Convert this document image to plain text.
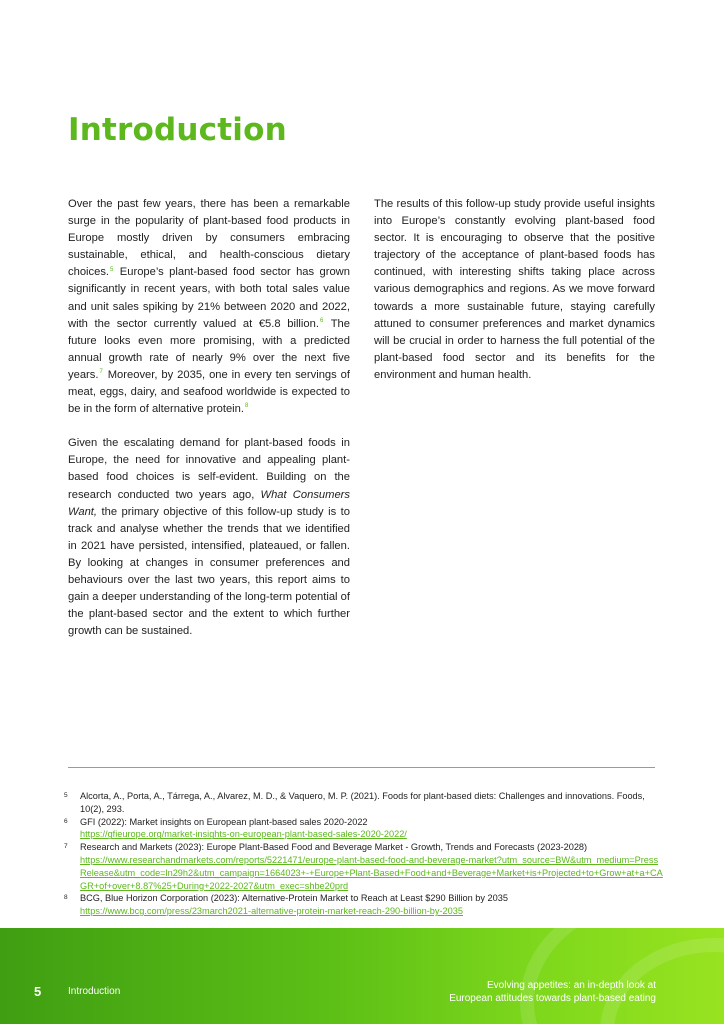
Introduction

Over the past few years, there has been a remarkable surge in the popularity of plant-based food products in Europe mostly driven by consumers embracing sustainable, ethical, and health-conscious dietary choices.$^5$ Europe’s plant-based food sector has grown significantly in recent years, with both total sales value and unit sales spiking by 21% between 2020 and 2022, with the sector currently valued at €5.8 billion.$^6$ The future looks even more promising, with a predicted annual growth rate of nearly 9% over the next five years.$^7$ Moreover, by 2035, one in every ten servings of meat, eggs, dairy, and seafood worldwide is expected to be in the form of alternative protein.$^8$

Given the escalating demand for plant-based foods in Europe, the need for innovative and appealing plant-based food choices is self-evident. Building on the research conducted two years ago, What Consumers Want, the primary objective of this follow-up study is to track and analyse whether the trends that we identified in 2021 have persisted, intensified, plateaued, or fallen. By looking at changes in consumer preferences and behaviours over the last two years, this report aims to gain a deeper understanding of the long-term potential of the plant-based sector and the extent to which further growth can be sustained.

The results of this follow-up study provide useful insights into Europe’s constantly evolving plant-based food sector. It is encouraging to observe that the positive trajectory of the acceptance of plant-based foods has continued, with interesting shifts taking place across various demographics and regions. As we move forward towards a more sustainable future, staying carefully attuned to consumer preferences and market dynamics will be crucial in order to harness the full potential of the plant-based food sector and its benefits for the environment and human health.

5 Alcorta, A., Porta, A., Tárrega, A., Alvarez, M. D., & Vaquero, M. P. (2021). Foods for plant-based diets: Challenges and innovations. Foods, 10(2), 293.
6 GFI (2022): Market insights on European plant-based sales 2020-2022
https://gfieurope.org/market-insights-on-european-plant-based-sales-2020-2022/
7 Research and Markets (2023): Europe Plant-Based Food and Beverage Market - Growth, Trends and Forecasts (2023-2028)
https://www.researchandmarkets.com/reports/5221471/europe-plant-based-food-and-beverage-market?utm_source=BW&utm_medium=PressRelease&utm_code=ln29h2&utm_campaign=1664023+-+Europe+Plant-Based+Food+and+Beverage+Market+is+Projected+to+Grow+at+a+CAGR+of+over+8.87%25+During+2022-2027&utm_exec=shbe20prd
8 BCG, Blue Horizon Corporation (2023): Alternative-Protein Market to Reach at Least $290 Billion by 2035
https://www.bcg.com/press/23march2021-alternative-protein-market-reach-290-billion-by-2035
5	Introduction
Evolving appetites: an in-depth look at
European attitudes towards plant-based eating
